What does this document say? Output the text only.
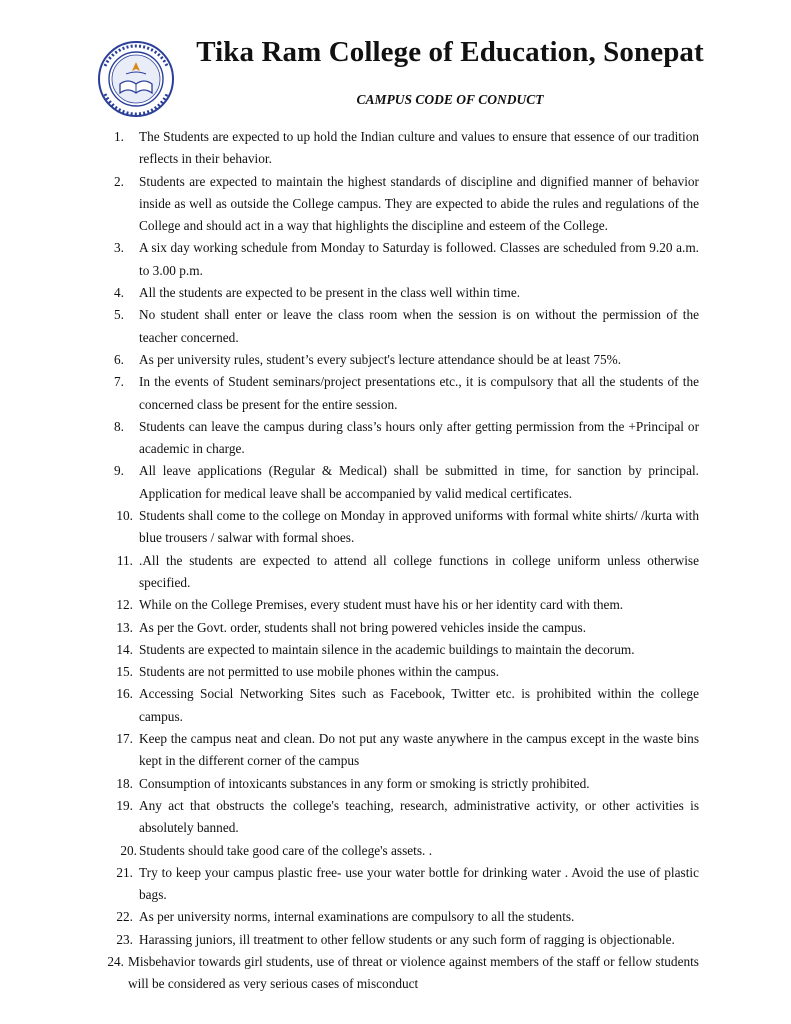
Tika Ram College of Education, Sonepat
CAMPUS CODE OF CONDUCT
1. The Students are expected to up hold the Indian culture and values to ensure that essence of our tradition reflects in their behavior.
2. Students are expected to maintain the highest standards of discipline and dignified manner of behavior inside as well as outside the College campus. They are expected to abide the rules and regulations of the College and should act in a way that highlights the discipline and esteem of the College.
3. A six day working schedule from Monday to Saturday is followed. Classes are scheduled from 9.20 a.m. to 3.00 p.m.
4. All the students are expected to be present in the class well within time.
5. No student shall enter or leave the class room when the session is on without the permission of the teacher concerned.
6. As per university rules, student’s every subject's lecture attendance should be at least 75%.
7. In the events of Student seminars/project presentations etc., it is compulsory that all the students of the concerned class be present for the entire session.
8. Students can leave the campus during class’s hours only after getting permission from the +Principal or academic in charge.
9. All leave applications (Regular & Medical) shall be submitted in time, for sanction by principal. Application for medical leave shall be accompanied by valid medical certificates.
10. Students shall come to the college on Monday in approved uniforms with formal white shirts/ /kurta with blue trousers / salwar with formal shoes.
11. .All the students are expected to attend all college functions in college uniform unless otherwise specified.
12. While on the College Premises, every student must have his or her identity card with them.
13. As per the Govt. order, students shall not bring powered vehicles inside the campus.
14. Students are expected to maintain silence in the academic buildings to maintain the decorum.
15. Students are not permitted to use mobile phones within the campus.
16. Accessing Social Networking Sites such as Facebook, Twitter etc. is prohibited within the college campus.
17. Keep the campus neat and clean. Do not put any waste anywhere in the campus except in the waste bins kept in the different corner of the campus
18. Consumption of intoxicants substances in any form or smoking is strictly prohibited.
19. Any act that obstructs the college's teaching, research, administrative activity, or other activities is absolutely banned.
20. Students should take good care of the college's assets. .
21. Try to keep your campus plastic free- use your water bottle for drinking water . Avoid the use of plastic bags.
22. As per university norms, internal examinations are compulsory to all the students.
23. Harassing juniors, ill treatment to other fellow students or any such form of ragging is objectionable.
24. Misbehavior towards girl students, use of threat or violence against members of the staff or fellow students will be considered as very serious cases of misconduct
